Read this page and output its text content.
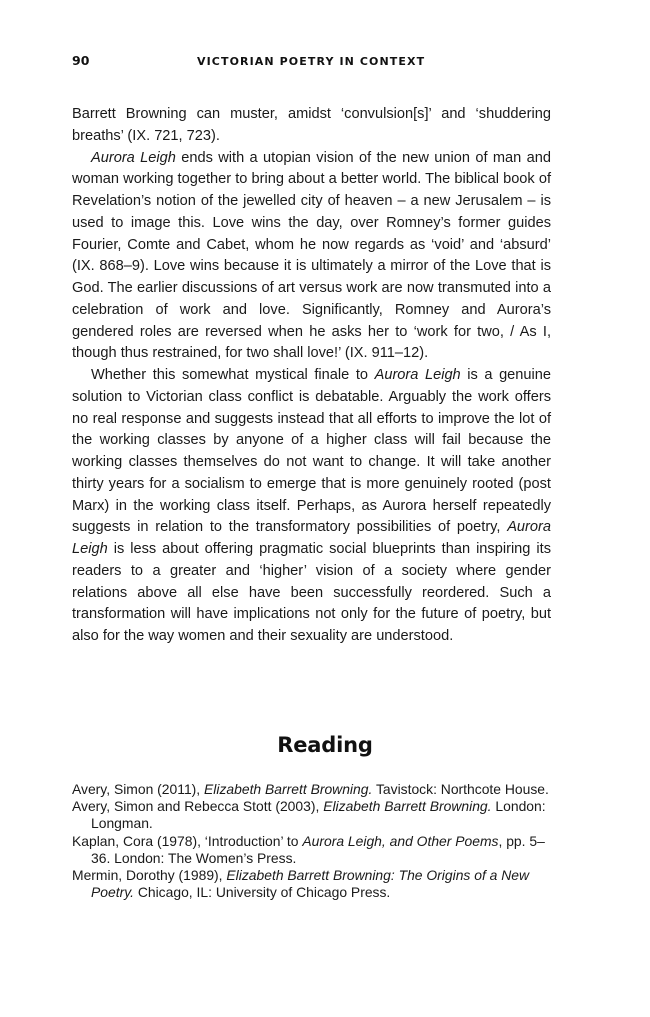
90	VICTORIAN POETRY IN CONTEXT

Barrett Browning can muster, amidst ‘convulsion[s]’ and ‘shuddering breaths’ (IX. 721, 723).

Aurora Leigh ends with a utopian vision of the new union of man and woman working together to bring about a better world. The biblical book of Revelation’s notion of the jewelled city of heaven – a new Jerusalem – is used to image this. Love wins the day, over Romney’s former guides Fourier, Comte and Cabet, whom he now regards as ‘void’ and ‘absurd’ (IX. 868–9). Love wins because it is ultimately a mirror of the Love that is God. The earlier discussions of art versus work are now transmuted into a celebration of work and love. Significantly, Romney and Aurora’s gendered roles are reversed when he asks her to ‘work for two, / As I, though thus restrained, for two shall love!’ (IX. 911–12).

Whether this somewhat mystical finale to Aurora Leigh is a genuine solution to Victorian class conflict is debatable. Arguably the work offers no real response and suggests instead that all efforts to improve the lot of the working classes by anyone of a higher class will fail because the working classes themselves do not want to change. It will take another thirty years for a socialism to emerge that is more genuinely rooted (post Marx) in the working class itself. Perhaps, as Aurora herself repeatedly suggests in relation to the transformatory possibilities of poetry, Aurora Leigh is less about offering pragmatic social blueprints than inspiring its readers to a greater and ‘higher’ vision of a society where gender relations above all else have been successfully reordered. Such a transformation will have implications not only for the future of poetry, but also for the way women and their sexuality are understood.

Reading

Avery, Simon (2011), Elizabeth Barrett Browning. Tavistock: Northcote House.

Avery, Simon and Rebecca Stott (2003), Elizabeth Barrett Browning. London: Longman.

Kaplan, Cora (1978), ‘Introduction’ to Aurora Leigh, and Other Poems, pp. 5–36. London: The Women’s Press.

Mermin, Dorothy (1989), Elizabeth Barrett Browning: The Origins of a New Poetry. Chicago, IL: University of Chicago Press.
